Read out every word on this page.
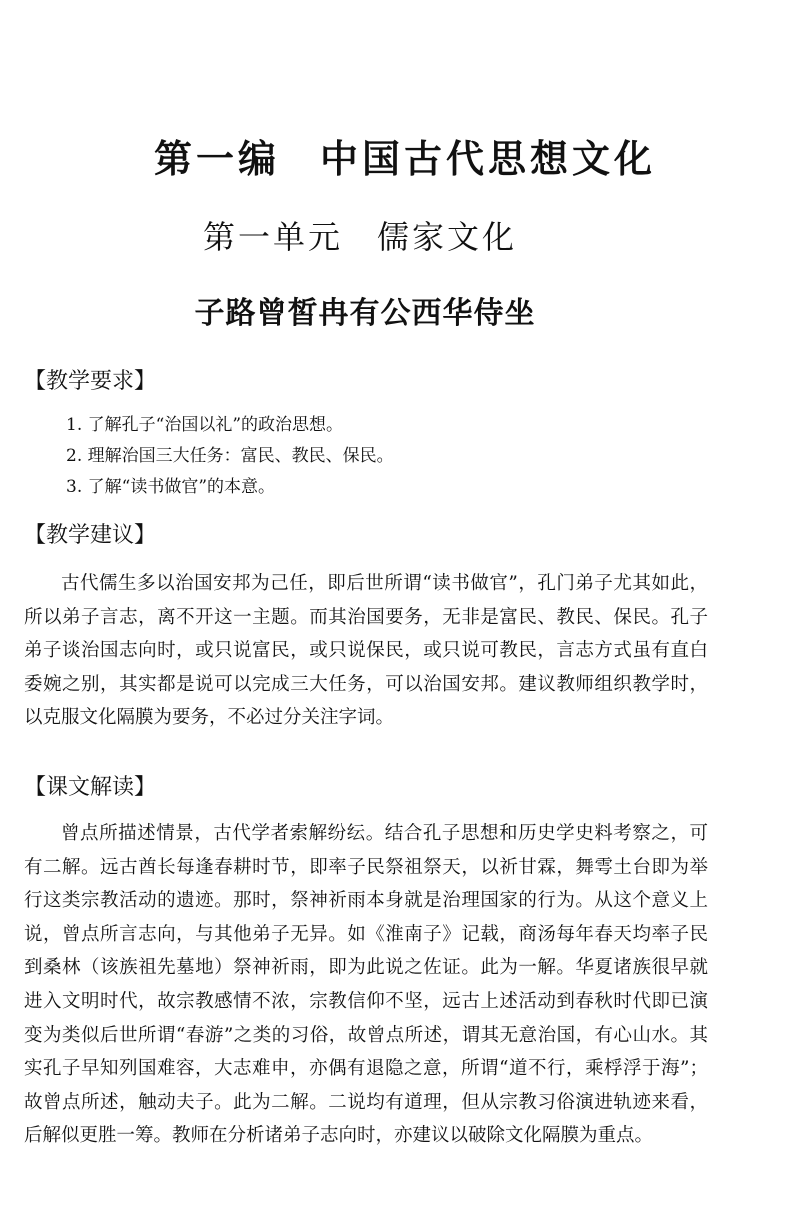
第一编 中国古代思想文化
第一单元 儒家文化
子路曾皙冉有公西华侍坐
【教学要求】
1. 了解孔子“治国以礼”的政治思想。
2. 理解治国三大任务：富民、教民、保民。
3. 了解“读书做官”的本意。
【教学建议】

古代儒生多以治国安邦为己任，即后世所谓“读书做官”，孔门弟子尤其如此，所以弟子言志，离不开这一主题。而其治国要务，无非是富民、教民、保民。孔子弟子谈治国志向时，或只说富民，或只说保民，或只说可教民，言志方式虽有直白委婉之别，其实都是说可以完成三大任务，可以治国安邦。建议教师组织教学时，以克服文化隔膜为要务，不必过分关注字词。

【课文解读】

曾点所描述情景，古代学者索解纷纭。结合孔子思想和历史学史料考察之，可有二解。远古酋长每逢春耕时节，即率子民祭祖祭天，以祈甘霖，舞雩土台即为举行这类宗教活动的遗迹。那时，祭神祈雨本身就是治理国家的行为。从这个意义上说，曾点所言志向，与其他弟子无异。如《淮南子》记载，商汤每年春天均率子民到桑林（该族祖先墓地）祭神祈雨，即为此说之佐证。此为一解。华夏诸族很早就进入文明时代，故宗教感情不浓，宗教信仰不坚，远古上述活动到春秋时代即已演变为类似后世所谓“春游”之类的习俗，故曾点所述，谓其无意治国，有心山水。其实孔子早知列国难容，大志难申，亦偶有退隐之意，所谓“道不行，乘桴浮于海”；故曾点所述，触动夫子。此为二解。二说均有道理，但从宗教习俗演进轨迹来看，后解似更胜一筹。教师在分析诸弟子志向时，亦建议以破除文化隔膜为重点。
